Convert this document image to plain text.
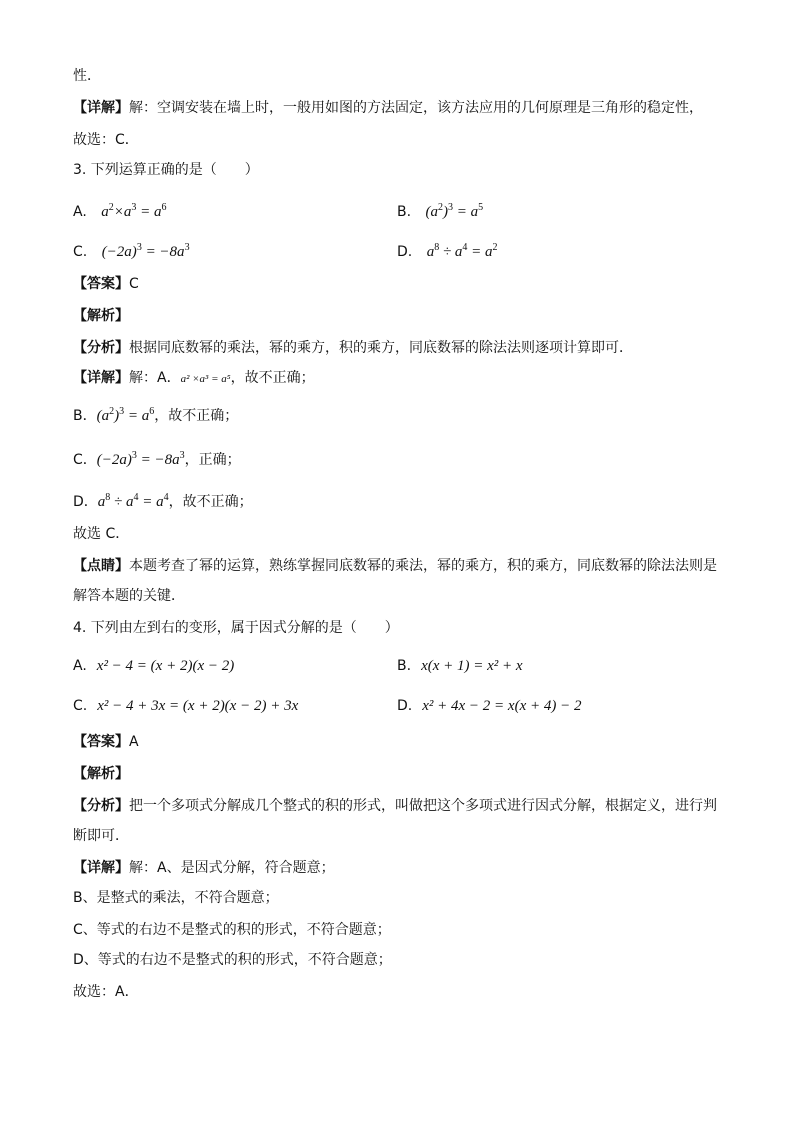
性．
【详解】解：空调安装在墙上时，一般用如图的方法固定，该方法应用的几何原理是三角形的稳定性，
故选：C．
3. 下列运算正确的是（　　）
A. $a^2\times a^3 = a^6$	B. $(a^2)^3 = a^5$
C. $(-2a)^3 = -8a^3$	D. $a^8 \div a^4 = a^2$
【答案】C
【解析】
【分析】根据同底数幂的乘法，幂的乘方，积的乘方，同底数幂的除法法则逐项计算即可．
【详解】解：A．a² ×a³ = a⁵，故不正确；
B．$(a^2)^3 = a^6$，故不正确；
C．$(-2a)^3 = -8a^3$，正确；
D．$a^8 \div a^4 = a^4$，故不正确；
故选 C．
【点睛】本题考查了幂的运算，熟练掌握同底数幂的乘法，幂的乘方，积的乘方，同底数幂的除法法则是
解答本题的关键．
4. 下列由左到右的变形，属于因式分解的是（　　）
A. x² − 4 = (x + 2)(x − 2)	B. x(x + 1) = x² + x
C. x² − 4 + 3x = (x + 2)(x − 2) + 3x	D. x² + 4x − 2 = x(x + 4) − 2
【答案】A
【解析】
【分析】把一个多项式分解成几个整式的积的形式，叫做把这个多项式进行因式分解，根据定义，进行判
断即可．
【详解】解：A、是因式分解，符合题意；
B、是整式的乘法，不符合题意；
C、等式的右边不是整式的积的形式，不符合题意；
D、等式的右边不是整式的积的形式，不符合题意；
故选：A．
